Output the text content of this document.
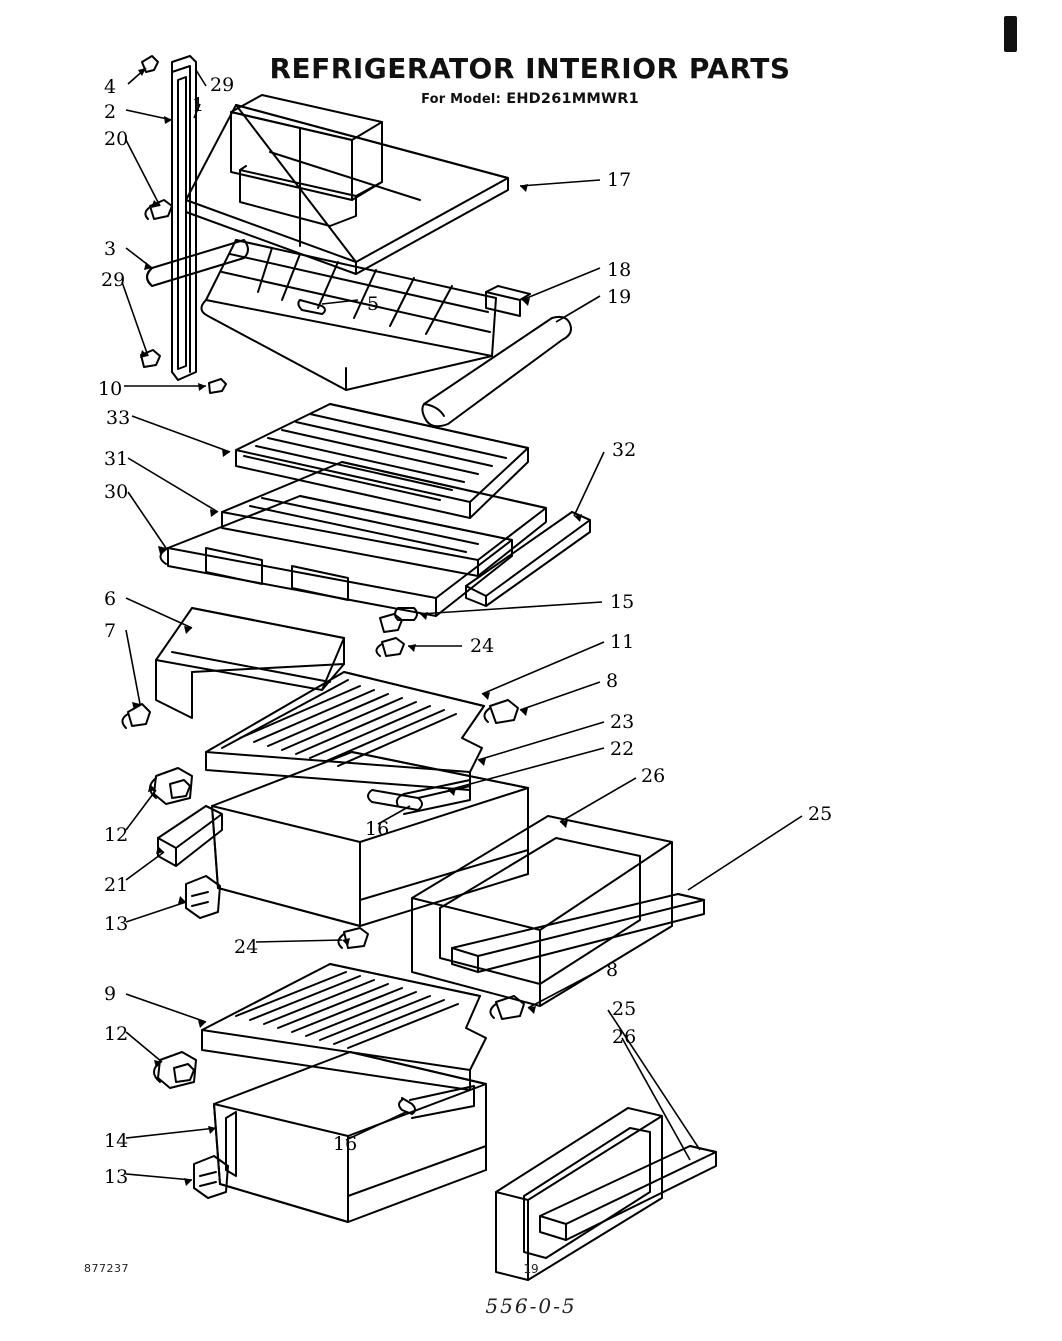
REFRIGERATOR INTERIOR PARTS
For Model: EHD261MMWR1
4	29
2	1
20
17
3
18
29
19
5
10
33
32
31
30
6	15
7	11
24
8
23
22
26
16
25
12
21
13
24
8
9
25
12	26
14	16
13
877237	19
556-0-5
